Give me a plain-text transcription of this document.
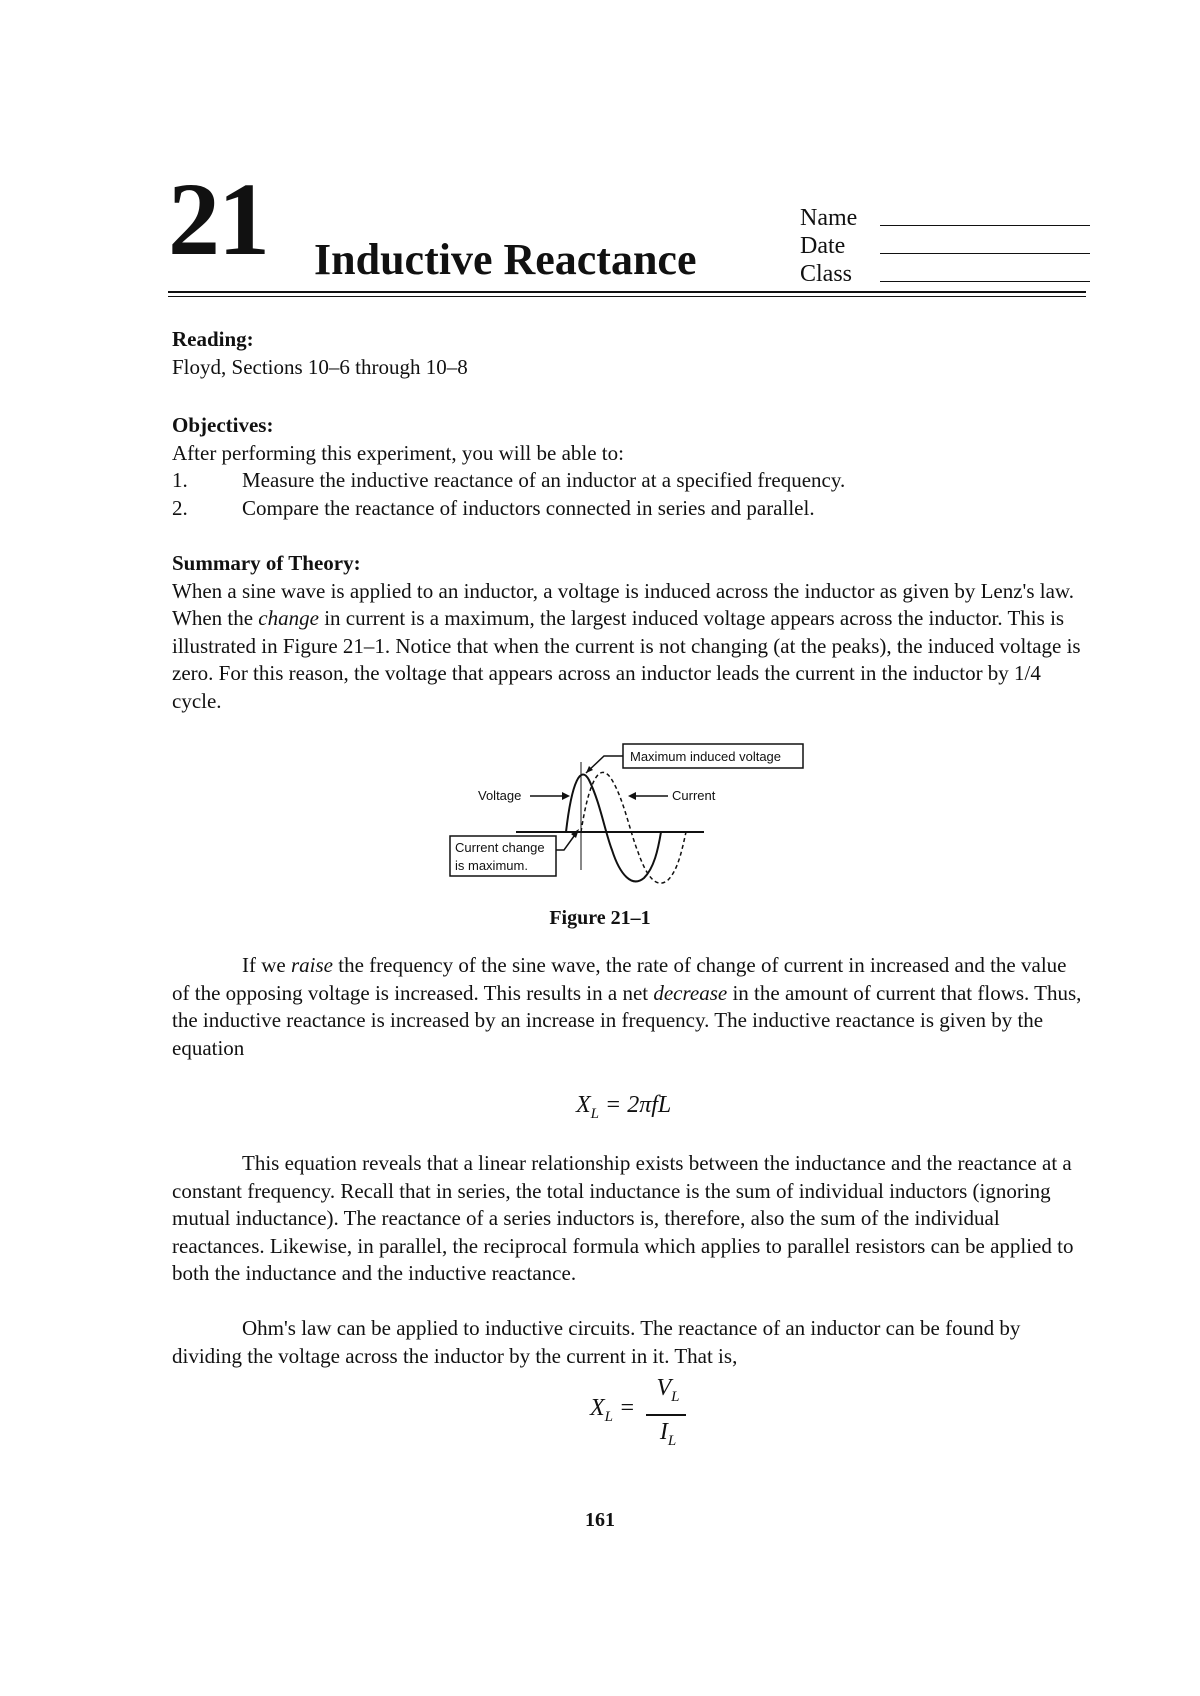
21 Inductive Reactance
Name
Date
Class
Reading:
Floyd, Sections 10–6 through 10–8
Objectives:
After performing this experiment, you will be able to:
1.	Measure the inductive reactance of an inductor at a specified frequency.
2.	Compare the reactance of inductors connected in series and parallel.
Summary of Theory:

When a sine wave is applied to an inductor, a voltage is induced across the inductor as given by Lenz's law. When the change in current is a maximum, the largest induced voltage appears across the inductor. This is illustrated in Figure 21–1. Notice that when the current is not changing (at the peaks), the induced voltage is zero. For this reason, the voltage that appears across an inductor leads the current in the inductor by 1/4 cycle.

Maximum induced voltage
Voltage	Current
Current change
is maximum.
Figure 21–1

If we raise the frequency of the sine wave, the rate of change of current in increased and the value of the opposing voltage is increased. This results in a net decrease in the amount of current that flows. Thus, the inductive reactance is increased by an increase in frequency. The inductive reactance is given by the equation

$X_L = 2\pi fL$

This equation reveals that a linear relationship exists between the inductance and the reactance at a constant frequency. Recall that in series, the total inductance is the sum of individual inductors (ignoring mutual inductance). The reactance of a series inductors is, therefore, also the sum of the individual reactances. Likewise, in parallel, the reciprocal formula which applies to parallel resistors can be applied to both the inductance and the inductive reactance.

Ohm's law can be applied to inductive circuits. The reactance of an inductor can be found by dividing the voltage across the inductor by the current in it. That is,

$X_L$ =
$V_L$
$I_L$
161
